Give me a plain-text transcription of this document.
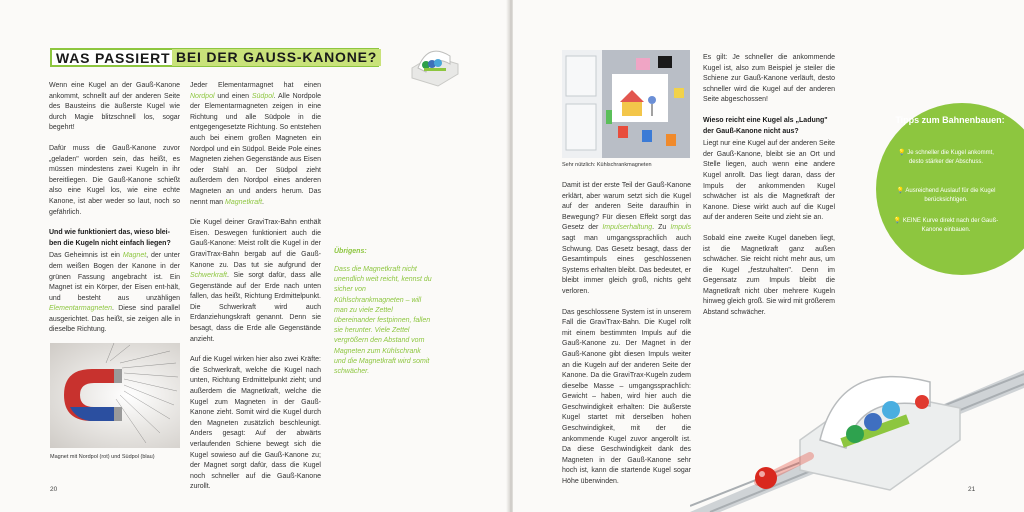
WAS PASSIERT BEI DER GAUSS-KANONE?

Wenn eine Kugel an der Gauß-Kanone ankommt, schnellt auf der anderen Seite des Bausteins die äußerste Kugel wie durch Magie blitzschnell los, sogar begehrt!

Dafür muss die Gauß-Kanone zuvor „geladen" worden sein, das heißt, es müssen mindestens zwei Kugeln in ihr bereitliegen. Die Gauß-Kanone schießt also eine Kugel los, wie eine echte Kanone, ist aber weder so laut, noch so gefährlich.

Und wie funktioniert das, wieso blei-ben die Kugeln nicht einfach liegen?

Das Geheimnis ist ein Magnet, der unter dem weißen Bogen der Kanone in der grünen Fassung angebracht ist. Ein Magnet ist ein Körper, der Eisen ent-hält, und besteht aus unzähligen Elementarmagneten. Diese sind parallel ausgerichtet. Das heißt, sie zeigen alle in dieselbe Richtung.

Magnet mit Nordpol (rot) und Südpol (blau)

Jeder Elementarmagnet hat einen Nordpol und einen Südpol. Alle Nordpole der Elementarmagneten zeigen in eine Richtung und alle Südpole in die entgegengesetzte Richtung. So entstehen auch bei einem großen Magneten ein Nordpol und ein Südpol. Beide Pole eines Magneten ziehen Gegenstände aus Eisen oder Stahl an. Der Südpol zieht außerdem den Nordpol eines anderen Magneten an und anders herum. Das nennt man Magnetkraft.

Die Kugel deiner GraviTrax-Bahn enthält Eisen. Deswegen funktioniert auch die Gauß-Kanone: Meist rollt die Kugel in der GraviTrax-Bahn bergab auf die Gauß-Kanone zu. Das tut sie aufgrund der Schwerkraft. Sie sorgt dafür, dass alle Gegenstände auf der Erde nach unten fallen, das heißt, Richtung Erdmittelpunkt. Die Schwerkraft wird auch Erdanziehungskraft genannt. Denn sie besagt, dass die Erde alle Gegenstände anzieht.

Auf die Kugel wirken hier also zwei Kräfte: die Schwerkraft, welche die Kugel nach unten, Richtung Erdmittelpunkt zieht; und außerdem die Magnetkraft, welche die Kugel zum Magneten in der Gauß-Kanone zieht. Somit wird die Kugel durch den Magneten zusätzlich beschleunigt. Anders gesagt: Auf der abwärts verlaufenden Schiene bewegt sich die Kugel sowieso auf die Gauß-Kanone zu; der Magnet sorgt dafür, dass die Kugel noch schneller auf die Gauß-Kanone zurollt.

Übrigens:
Dass die Magnetkraft nicht unendlich weit reicht, kennst du sicher von Kühlschrankmagneten – will man zu viele Zettel übereinander festpinnen, fallen sie herunter. Viele Zettel vergrößern den Abstand vom Magneten zum Kühlschrank und die Magnetkraft wird somit schwächer.
20
Sehr nützlich: Kühlschrankmagneten

Damit ist der erste Teil der Gauß-Kanone erklärt, aber warum setzt sich die Kugel auf der anderen Seite daraufhin in Bewegung? Für diesen Effekt sorgt das Gesetz der Impulserhaltung. Zu Impuls sagt man umgangssprachlich auch Schwung. Das Gesetz besagt, dass der Gesamtimpuls eines geschlossenen Systems erhalten bleibt. Das bedeutet, er bleibt immer gleich groß, nichts geht verloren.

Das geschlossene System ist in unserem Fall die GraviTrax-Bahn. Die Kugel rollt mit einem bestimmten Impuls auf die Gauß-Kanone zu. Der Magnet in der Gauß-Kanone gibt diesen Impuls weiter an die Kugeln auf der anderen Seite der Kanone. Da die GraviTrax-Kugeln zudem dieselbe Masse – umgangssprachlich: Gewicht – haben, wird hier auch die Geschwindigkeit erhalten: Die äußerste Kugel startet mit derselben hohen Geschwindigkeit, mit der die ankommende Kugel zuvor angerollt ist. Da diese Geschwindigkeit dank des Magneten in der Gauß-Kanone sehr hoch ist, kann die startende Kugel sogar Höhe überwinden.

Es gilt: Je schneller die ankommende Kugel ist, also zum Beispiel je steiler die Schiene zur Gauß-Kanone verläuft, desto schneller wird die Kugel auf der anderen Seite abgeschossen!

Wieso reicht eine Kugel als „Ladung" der Gauß-Kanone nicht aus?

Liegt nur eine Kugel auf der anderen Seite der Gauß-Kanone, bleibt sie an Ort und Stelle liegen, auch wenn eine andere Kugel anrollt. Das liegt daran, dass der Impuls der ankommenden Kugel schwächer ist als die Magnetkraft der Kanone. Diese wirkt auch auf die Kugel auf der anderen Seite und zieht sie an.

Sobald eine zweite Kugel daneben liegt, ist die Magnetkraft ganz außen schwächer. Sie reicht nicht mehr aus, um die Kugel „festzuhalten". Denn im Gegensatz zum Impuls bleibt die Magnetkraft nicht über mehrere Kugeln hinweg gleich groß. Sie wird mit größerem Abstand schwächer.

21
Tipps zum Bahnenbauen:
💡 Je schneller die Kugel ankommt, desto stärker der Abschuss.
💡 Ausreichend Auslauf für die Kugel berücksichtigen.
💡 KEINE Kurve direkt nach der Gauß-Kanone einbauen.
